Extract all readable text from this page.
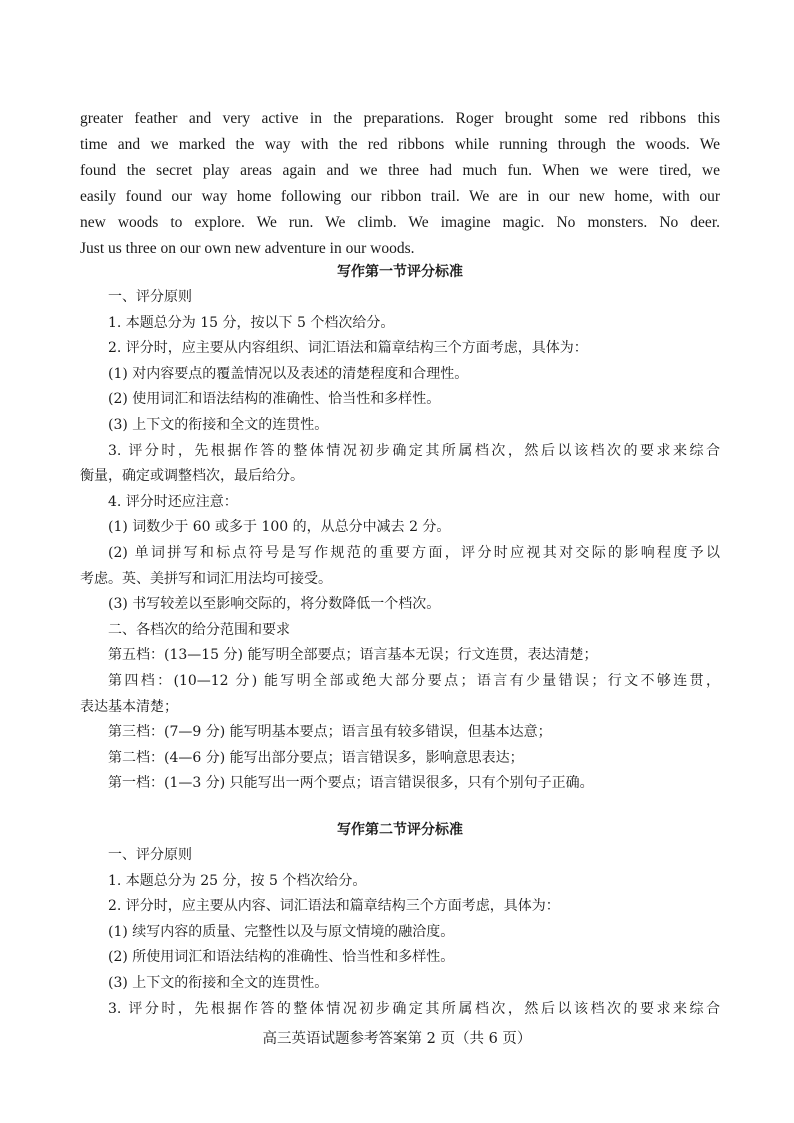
greater feather and very active in the preparations. Roger brought some red ribbons this
time and we marked the way with the red ribbons while running through the woods. We
found the secret play areas again and we three had much fun. When we were tired, we
easily found our way home following our ribbon trail. We are in our new home, with our
new woods to explore. We run. We climb. We imagine magic. No monsters. No deer.
Just us three on our own new adventure in our woods.
写作第一节评分标准
一、评分原则
1. 本题总分为 15 分，按以下 5 个档次给分。
2. 评分时，应主要从内容组织、词汇语法和篇章结构三个方面考虑，具体为：
(1) 对内容要点的覆盖情况以及表述的清楚程度和合理性。
(2) 使用词汇和语法结构的准确性、恰当性和多样性。
(3) 上下文的衔接和全文的连贯性。
3. 评分时，先根据作答的整体情况初步确定其所属档次，然后以该档次的要求来综合
衡量，确定或调整档次，最后给分。
4. 评分时还应注意：
(1) 词数少于 60 或多于 100 的，从总分中减去 2 分。
(2) 单词拼写和标点符号是写作规范的重要方面，评分时应视其对交际的影响程度予以
考虑。英、美拼写和词汇用法均可接受。
(3) 书写较差以至影响交际的，将分数降低一个档次。
二、各档次的给分范围和要求
第五档：(13—15 分) 能写明全部要点；语言基本无误；行文连贯，表达清楚；
第四档：(10—12 分) 能写明全部或绝大部分要点；语言有少量错误；行文不够连贯，
表达基本清楚；
第三档：(7—9 分) 能写明基本要点；语言虽有较多错误，但基本达意；
第二档：(4—6 分) 能写出部分要点；语言错误多，影响意思表达；
第一档：(1—3 分) 只能写出一两个要点；语言错误很多，只有个别句子正确。
写作第二节评分标准
一、评分原则
1. 本题总分为 25 分，按 5 个档次给分。
2. 评分时，应主要从内容、词汇语法和篇章结构三个方面考虑，具体为：
(1) 续写内容的质量、完整性以及与原文情境的融洽度。
(2) 所使用词汇和语法结构的准确性、恰当性和多样性。
(3) 上下文的衔接和全文的连贯性。
3. 评分时，先根据作答的整体情况初步确定其所属档次，然后以该档次的要求来综合
高三英语试题参考答案第 2 页（共 6 页）
